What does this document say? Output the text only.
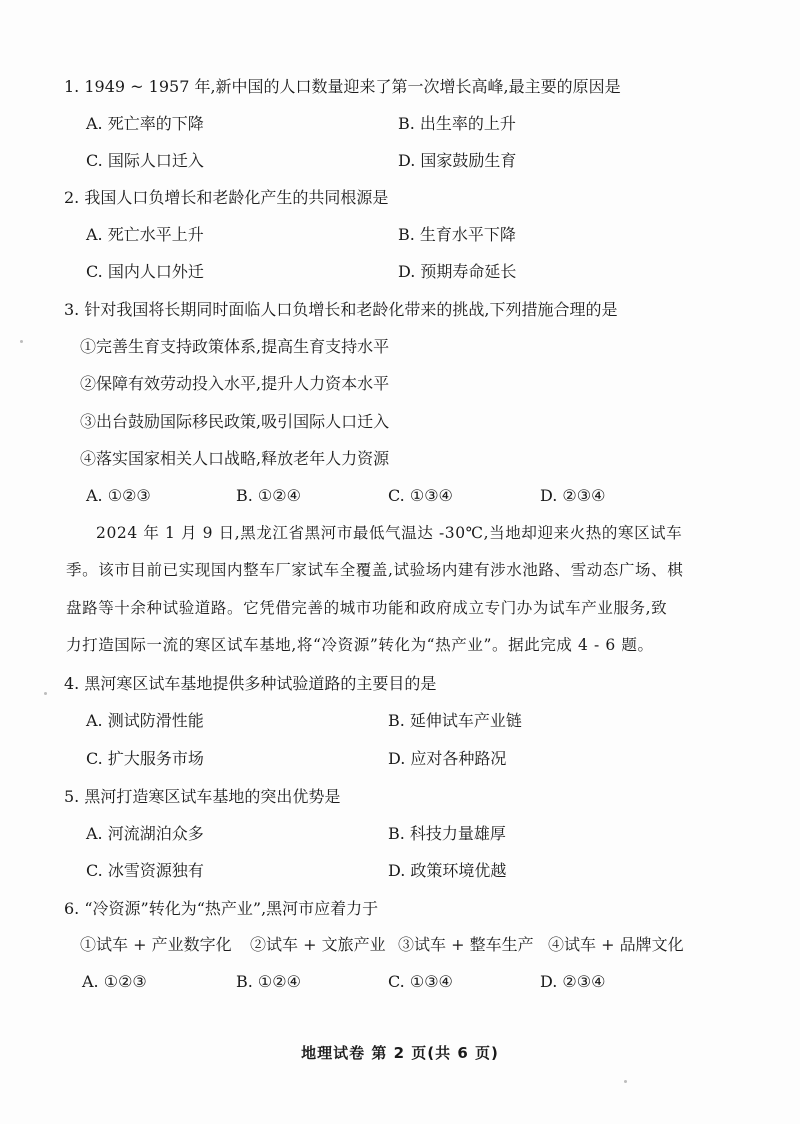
1. 1949 ~ 1957 年,新中国的人口数量迎来了第一次增长高峰,最主要的原因是
A. 死亡率的下降	B. 出生率的上升
C. 国际人口迁入	D. 国家鼓励生育
2. 我国人口负增长和老龄化产生的共同根源是
A. 死亡水平上升	B. 生育水平下降
C. 国内人口外迁	D. 预期寿命延长
3. 针对我国将长期同时面临人口负增长和老龄化带来的挑战,下列措施合理的是
①完善生育支持政策体系,提高生育支持水平
②保障有效劳动投入水平,提升人力资本水平
③出台鼓励国际移民政策,吸引国际人口迁入
④落实国家相关人口战略,释放老年人力资源
A. ①②③	B. ①②④	C. ①③④	D. ②③④
2024 年 1 月 9 日,黑龙江省黑河市最低气温达 -30℃,当地却迎来火热的寒区试车
季。该市目前已实现国内整车厂家试车全覆盖,试验场内建有涉水池路、雪动态广场、棋
盘路等十余种试验道路。它凭借完善的城市功能和政府成立专门办为试车产业服务,致
力打造国际一流的寒区试车基地,将“冷资源”转化为“热产业”。据此完成 4 - 6 题。
4. 黑河寒区试车基地提供多种试验道路的主要目的是
A. 测试防滑性能	B. 延伸试车产业链
C. 扩大服务市场	D. 应对各种路况
5. 黑河打造寒区试车基地的突出优势是
A. 河流湖泊众多	B. 科技力量雄厚
C. 冰雪资源独有	D. 政策环境优越
6. “冷资源”转化为“热产业”,黑河市应着力于
①试车 + 产业数字化 ②试车 + 文旅产业 ③试车 + 整车生产 ④试车 + 品牌文化
A. ①②③	B. ①②④	C. ①③④	D. ②③④
地理试卷 第 2 页(共 6 页)
